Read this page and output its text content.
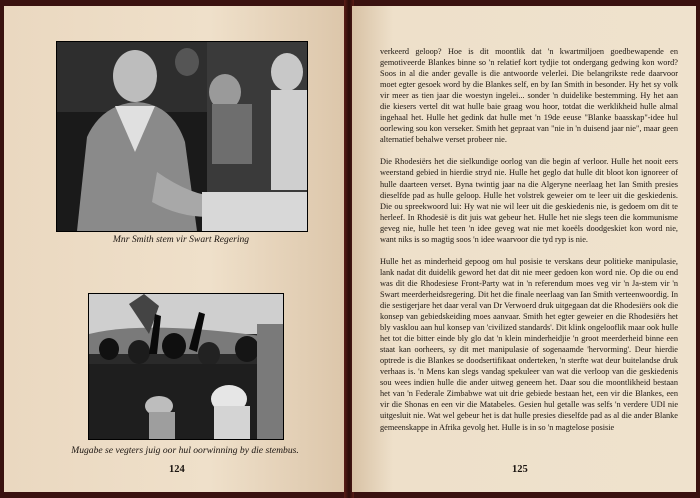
Mnr Smith stem vir Swart Regering
Mugabe se vegters juig oor hul oorwinning by die stembus.
124

verkeerd geloop? Hoe is dit moontlik dat 'n kwartmiljoen goedbewapende en gemotiveerde Blankes binne so 'n relatief kort tydjie tot ondergang gedwing kon word? Soos in al die ander gevalle is die antwoorde velerlei. Die belangrikste rede daarvoor moet egter gesoek word by die Blankes self, en by Ian Smith in besonder. Hy het sy volk vir meer as tien jaar die woestyn ingelei... sonder 'n duidelike bestemming. Hy het aan die kiesers vertel dit wat hulle baie graag wou hoor, totdat die werklikheid hulle almal ingehaal het. Hulle het gedink dat hulle met 'n 19de eeuse "Blanke baasskap"-idee hul oorlewing sou kon verseker. Smith het gepraat van "nie in 'n duisend jaar nie", maar geen alternatief behalwe verset probeer nie.

Die Rhodesiërs het die sielkundige oorlog van die begin af verloor. Hulle het nooit eers weerstand gebied in hierdie stryd nie. Hulle het geglo dat hulle dit bloot kon ignoreer of hulle daarteen verset. Byna twintig jaar na die Algeryne neerlaag het Ian Smith presies dieselfde pad as hulle geloop. Hulle het volstrek geweier om te leer uit die geskiedenis. Die ou spreekwoord lui: Hy wat nie wil leer uit die geskiedenis nie, is gedoem om dit te herleef. In Rhodesië is dit juis wat gebeur het. Hulle het nie slegs teen die kommunisme geveg nie, hulle het teen 'n idee geveg wat nie met koeëls doodgeskiet kon word nie, want niks is so magtig soos 'n idee waarvoor die tyd ryp is nie.

Hulle het as minderheid gepoog om hul posisie te verskans deur politieke manipulasie, lank nadat dit duidelik geword het dat dit nie meer gedoen kon word nie. Op die ou end was dit die Rhodesiese Front-Party wat in 'n referendum moes veg vir 'n Ja-stem vir 'n Swart meerderheidsregering. Dit het die finale neerlaag van Ian Smith verteenwoordig. In die sestigerjare het daar veral van Dr Verwoerd druk uitgegaan dat die Rhodesiërs ook die konsep van gebiedskeiding moes aanvaar. Smith het egter geweier en die Rhodesiërs het bly vasklou aan hul konsep van 'civilized standards'. Dit klink ongelooflik maar ook hulle het tot die bitter einde bly glo dat 'n klein minderheidjie 'n groot meerderheid binne een staat kan oorheers, sy dit met manipulasie of sogenaamde 'hervorming'. Deur hierdie optrede is die Blankes se doodsertifikaat onderteken, 'n sterfte wat deur buitelandse druk verhaas is. 'n Mens kan slegs vandag spekuleer van wat die verloop van die geskiedenis sou wees indien hulle die ander uitweg geneem het. Daar sou die moontlikheid bestaan het van 'n Federale Zimbabwe wat uit drie gebiede bestaan het, een vir die Blankes, een vir die Shonas en een vir die Matabeles. Gesien hul getalle was selfs 'n verdere UDI nie uitgesluit nie. Wat wel gebeur het is dat hulle presies dieselfde pad as al die ander Blanke gemeenskappe in Afrika gevolg het. Hulle is in so 'n magtelose posisie

125
